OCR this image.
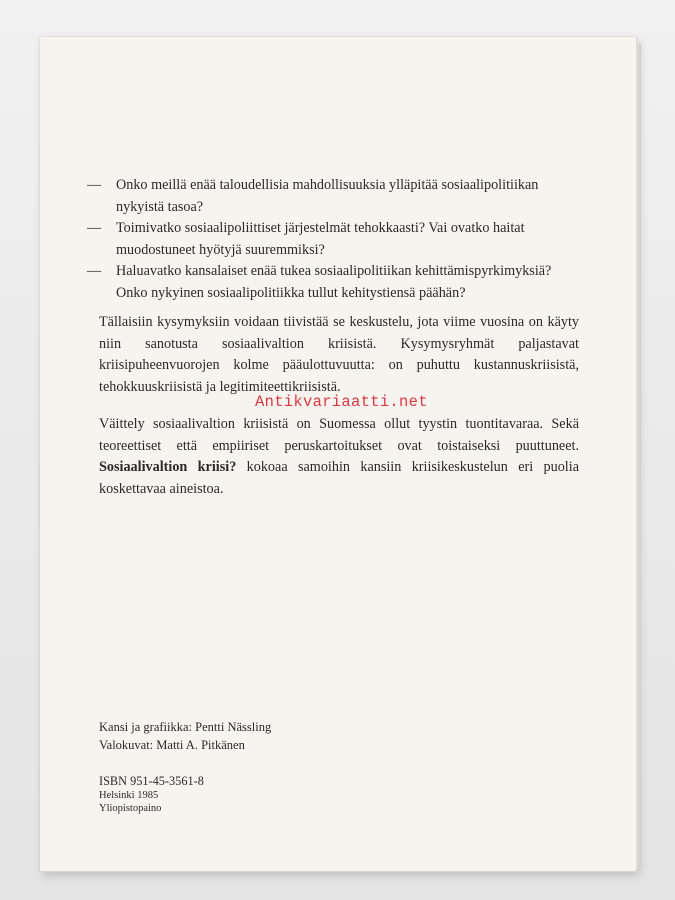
— Onko meillä enää taloudellisia mahdollisuuksia ylläpitää sosiaalipolitiikan nykyistä tasoa?
— Toimivatko sosiaalipoliittiset järjestelmät tehokkaasti? Vai ovatko haitat muodostuneet hyötyjä suuremmiksi?
— Haluavatko kansalaiset enää tukea sosiaalipolitiikan kehittämispyrkimyksiä? Onko nykyinen sosiaalipolitiikka tullut kehitystiensä päähän?

Tällaisiin kysymyksiin voidaan tiivistää se keskustelu, jota viime vuosina on käyty niin sanotusta sosiaalivaltion kriisistä. Kysymysryhmät paljastavat kriisipuheenvuorojen kolme pääulottuvuutta: on puhuttu kustannuskriisistä, tehokkuuskriisistä ja legitimiteettikriisistä.

Väittely sosiaalivaltion kriisistä on Suomessa ollut tyystin tuontitavaraa. Sekä teoreettiset että empiiriset peruskartoitukset ovat toistaiseksi puuttuneet. Sosiaalivaltion kriisi? kokoaa samoihin kansiin kriisikeskustelun eri puolia koskettavaa aineistoa.

Antikvariaatti.net
Kansi ja grafiikka: Pentti Nässling
Valokuvat: Matti A. Pitkänen
ISBN 951-45-3561-8
Helsinki 1985
Yliopistopaino
